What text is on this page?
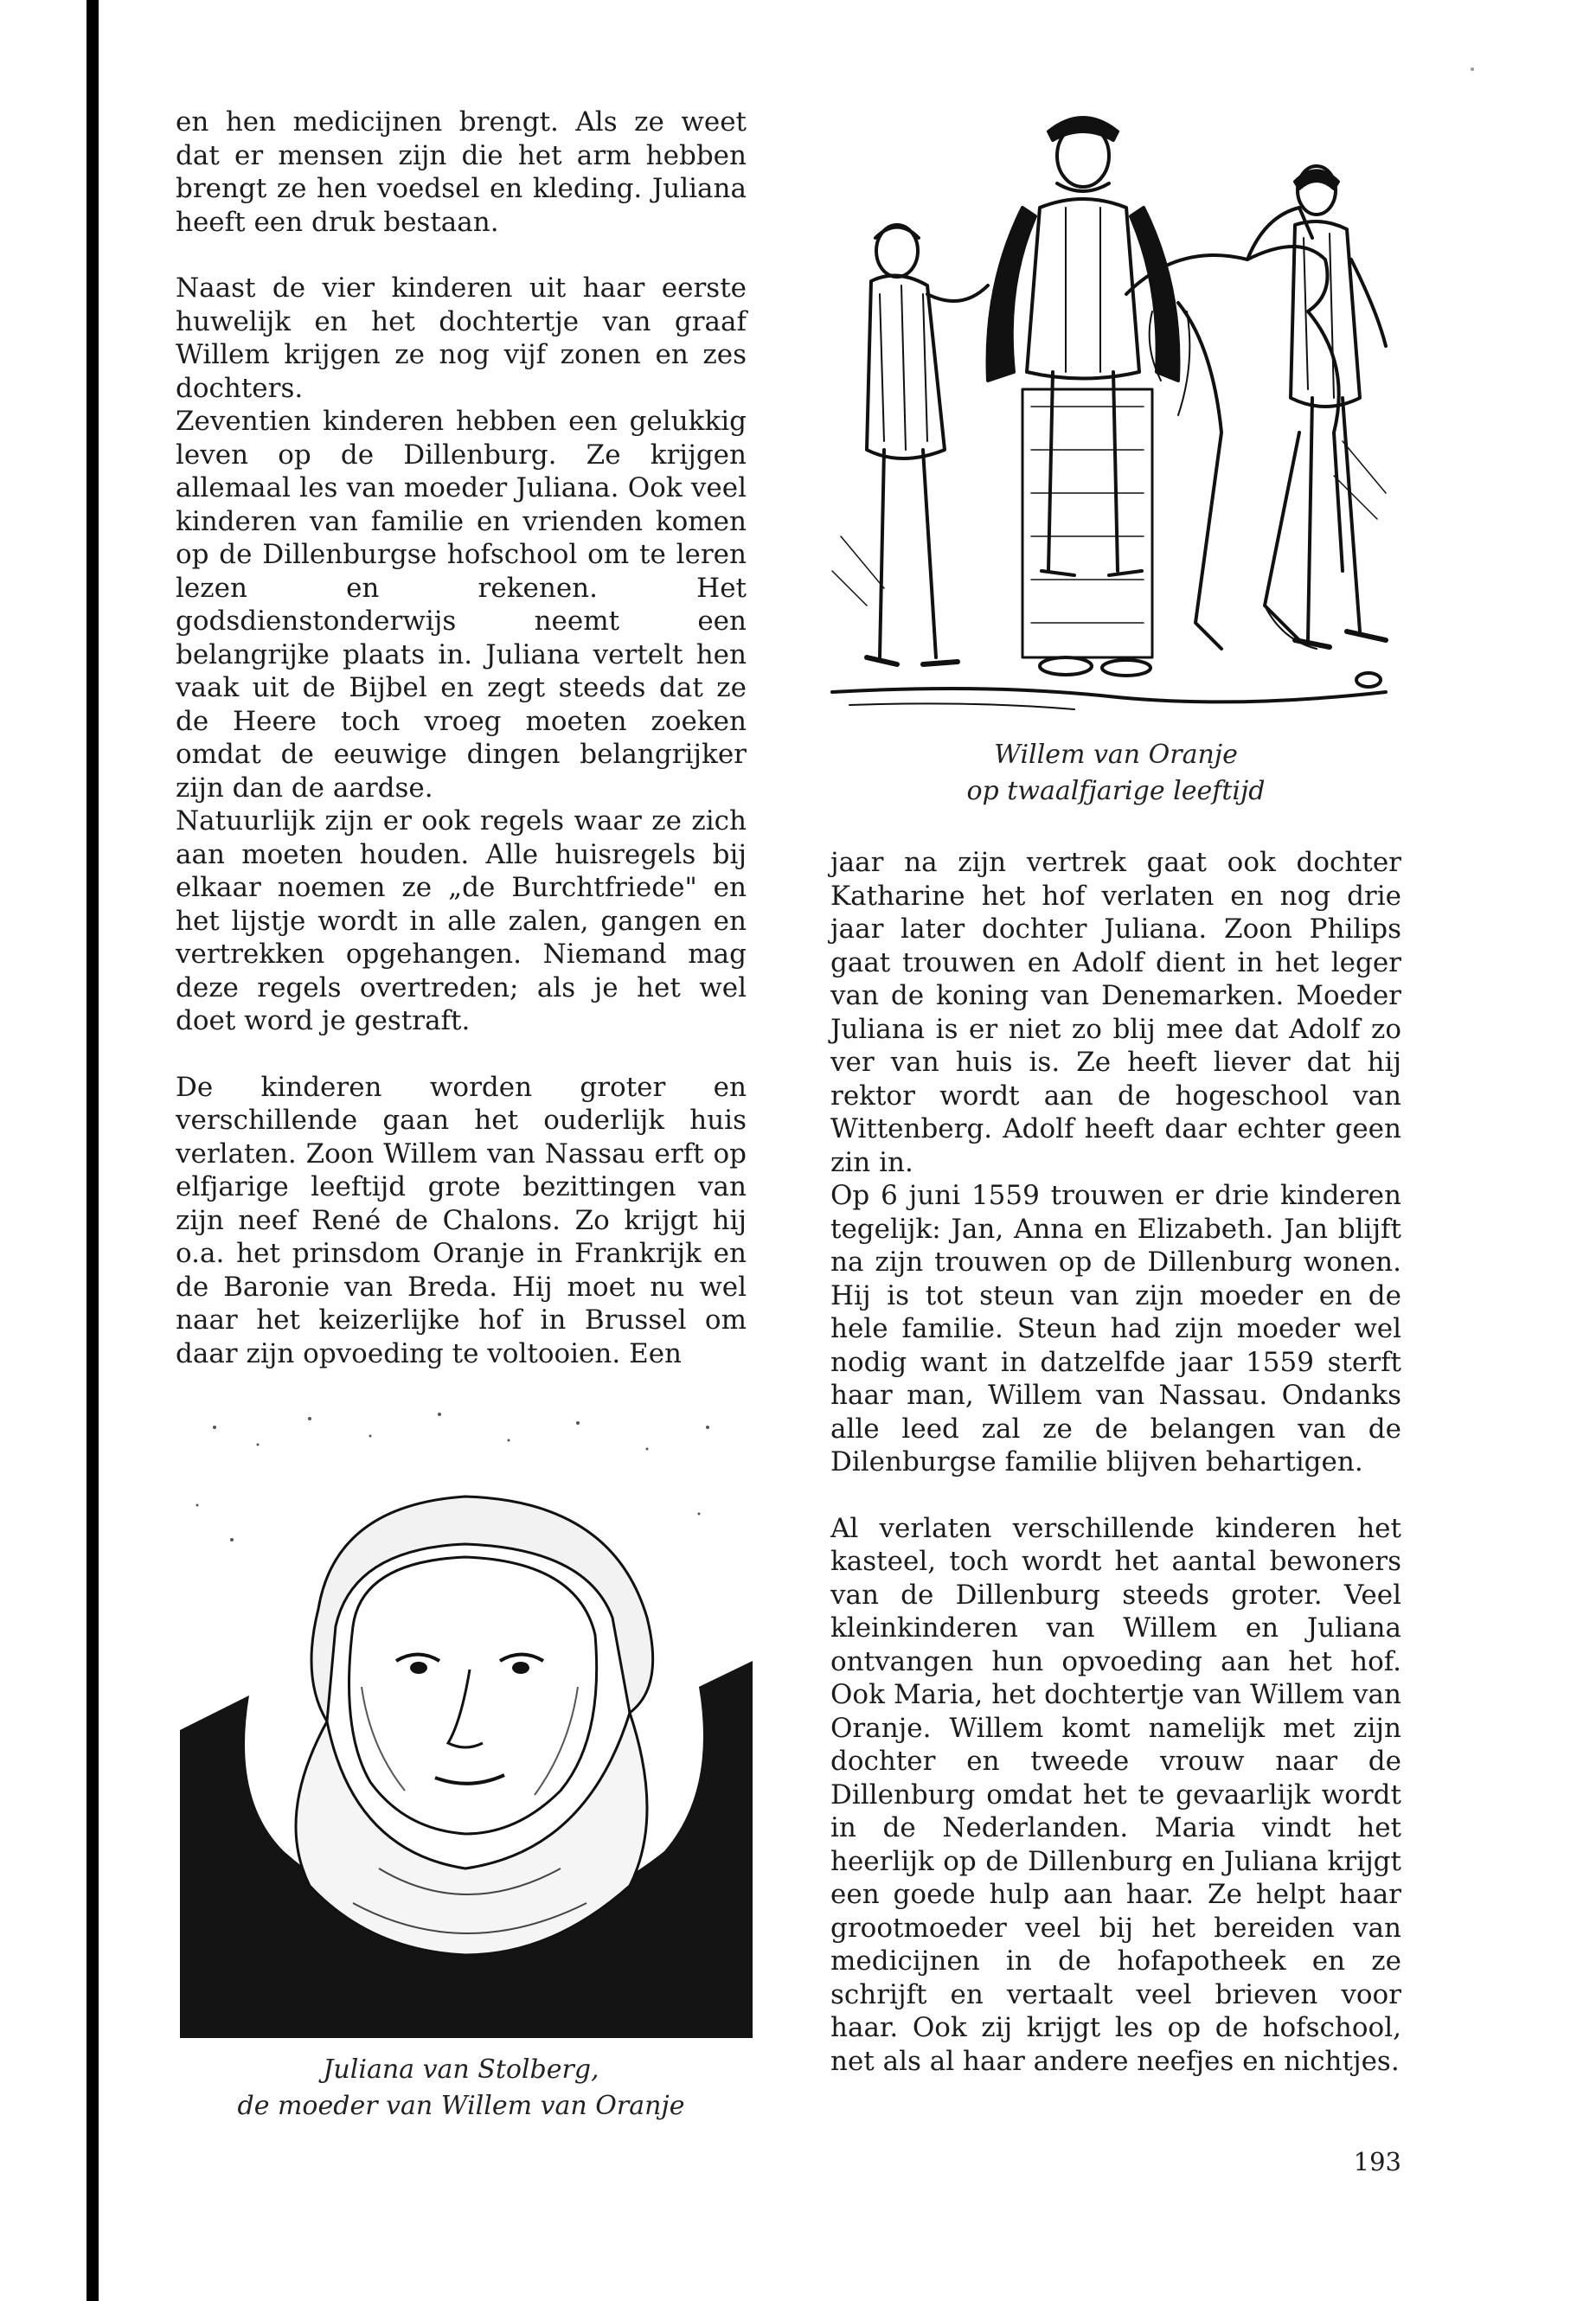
en hen medicijnen brengt. Als ze weet dat er mensen zijn die het arm hebben brengt ze hen voedsel en kleding. Juliana heeft een druk bestaan.

Naast de vier kinderen uit haar eerste huwelijk en het dochtertje van graaf Willem krijgen ze nog vijf zonen en zes dochters.

Zeventien kinderen hebben een gelukkig leven op de Dillenburg. Ze krijgen allemaal les van moeder Juliana. Ook veel kinderen van familie en vrienden komen op de Dillenburgse hofschool om te leren lezen en rekenen. Het godsdienstonderwijs neemt een belangrijke plaats in. Juliana vertelt hen vaak uit de Bijbel en zegt steeds dat ze de Heere toch vroeg moeten zoeken omdat de eeuwige dingen belangrijker zijn dan de aardse.

Natuurlijk zijn er ook regels waar ze zich aan moeten houden. Alle huisregels bij elkaar noemen ze „de Burchtfriede" en het lijstje wordt in alle zalen, gangen en vertrekken opgehangen. Niemand mag deze regels overtreden; als je het wel doet word je gestraft.

De kinderen worden groter en verschillende gaan het ouderlijk huis verlaten. Zoon Willem van Nassau erft op elfjarige leeftijd grote bezittingen van zijn neef René de Chalons. Zo krijgt hij o.a. het prinsdom Oranje in Frankrijk en de Baronie van Breda. Hij moet nu wel naar het keizerlijke hof in Brussel om daar zijn opvoeding te voltooien. Een

Willem van Oranje
op twaalfjarige leeftijd

jaar na zijn vertrek gaat ook dochter Katharine het hof verlaten en nog drie jaar later dochter Juliana. Zoon Philips gaat trouwen en Adolf dient in het leger van de koning van Denemarken. Moeder Juliana is er niet zo blij mee dat Adolf zo ver van huis is. Ze heeft liever dat hij rektor wordt aan de hogeschool van Wittenberg. Adolf heeft daar echter geen zin in.

Op 6 juni 1559 trouwen er drie kinderen tegelijk: Jan, Anna en Elizabeth. Jan blijft na zijn trouwen op de Dillenburg wonen. Hij is tot steun van zijn moeder en de hele familie. Steun had zijn moeder wel nodig want in datzelfde jaar 1559 sterft haar man, Willem van Nassau. Ondanks alle leed zal ze de belangen van de Dilenburgse familie blijven behartigen.

Al verlaten verschillende kinderen het kasteel, toch wordt het aantal bewoners van de Dillenburg steeds groter. Veel kleinkinderen van Willem en Juliana ontvangen hun opvoeding aan het hof. Ook Maria, het dochtertje van Willem van Oranje. Willem komt namelijk met zijn dochter en tweede vrouw naar de Dillenburg omdat het te gevaarlijk wordt in de Nederlanden. Maria vindt het heerlijk op de Dillenburg en Juliana krijgt een goede hulp aan haar. Ze helpt haar grootmoeder veel bij het bereiden van medicijnen in de hofapotheek en ze schrijft en vertaalt veel brieven voor haar. Ook zij krijgt les op de hofschool, net als al haar andere neefjes en nichtjes.

Juliana van Stolberg,
de moeder van Willem van Oranje
193
